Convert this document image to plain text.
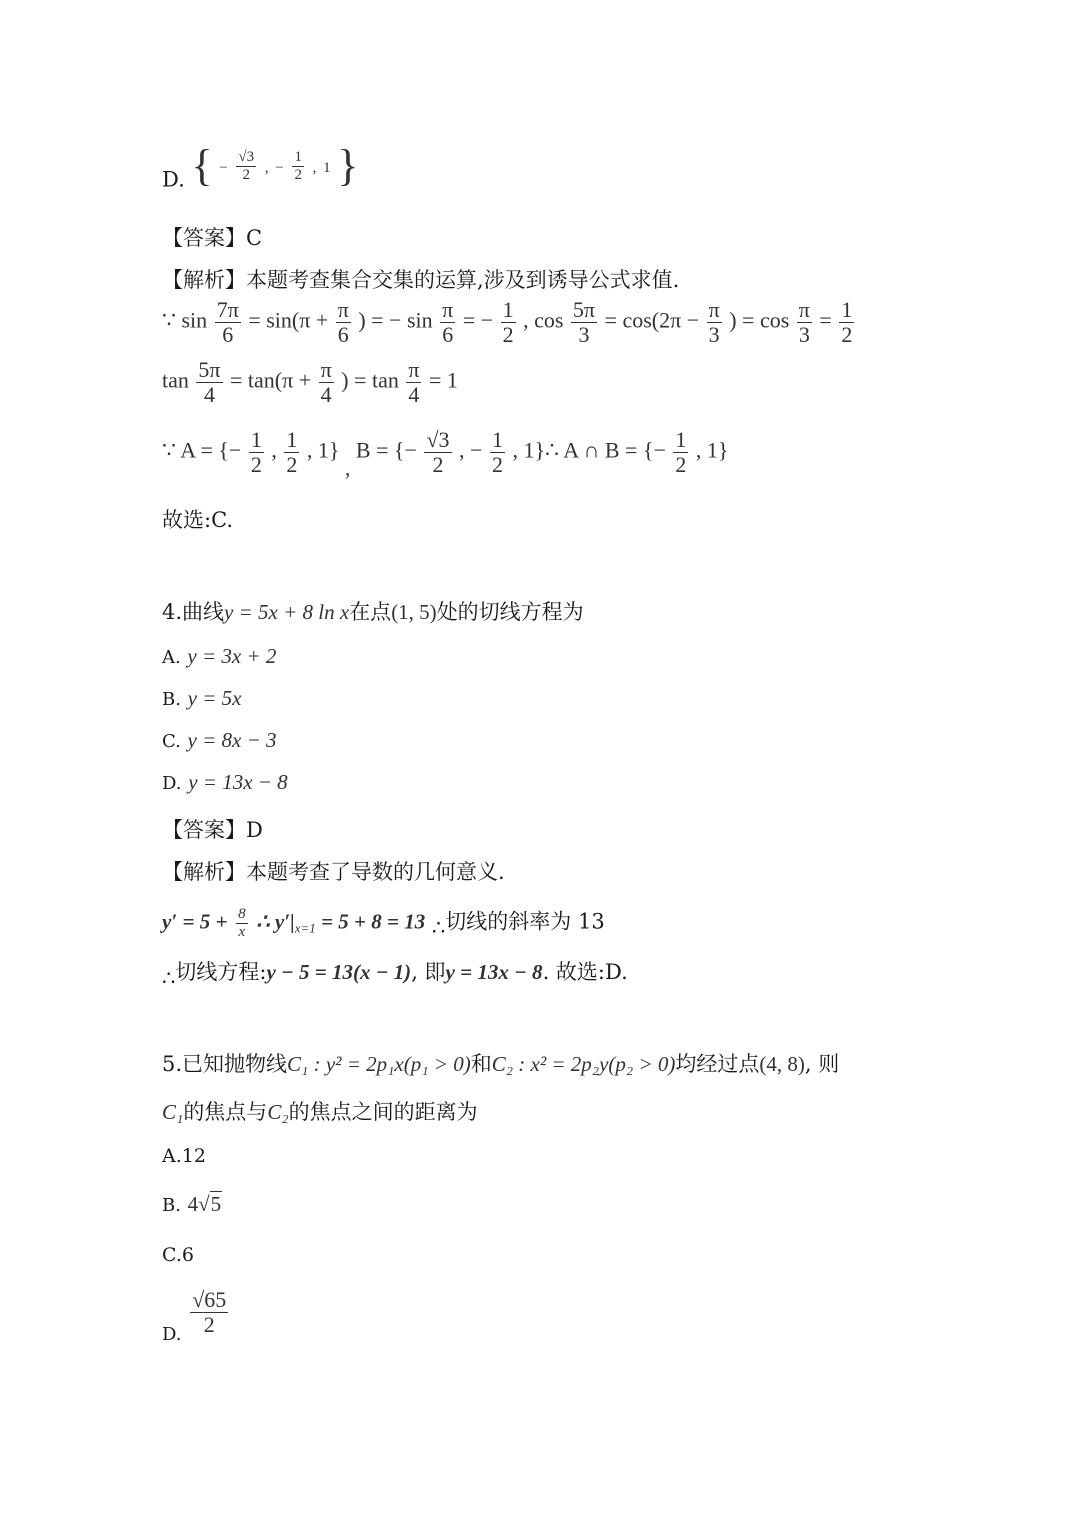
D. { − $\frac{√3}{2}$ , − $\frac{1}{2}$ , 1 }
【答案】C
【解析】本题考查集合交集的运算,涉及到诱导公式求值.
∵ $\sin \frac{7\pi}{6} = \sin(\pi + \frac{\pi}{6}$ ) = − $\sin \frac{\pi}{6}$ = − $\frac{1}{2}$ , $\cos \frac{5\pi}{3} = \cos(2\pi - \frac{\pi}{3}$ ) = $\cos \frac{\pi}{3} = \frac{1}{2}$
$\tan \frac{5\pi}{4} = \tan(\pi + \frac{\pi}{4}$ ) = $\tan \frac{\pi}{4} = 1$
∵ A = {− $\frac{1}{2}$ , $\frac{1}{2}$ , 1} , B = {− $\frac{√3}{2}$ , − $\frac{1}{2}$ , 1}∴ A ∩ B = {− $\frac{1}{2}$ , 1}
故选:C.
4.曲线y = 5x + 8 ln x在点(1, 5)处的切线方程为
A. y = 3x + 2
B. y = 5x
C. y = 8x − 3
D. y = 13x − 8
【答案】D
【解析】本题考查了导数的几何意义.
$y' = 5 + \frac{8}{x}$ ∴ y′|x=1 = 5 + 8 = 13 ∴切线的斜率为 13
∴切线方程:y − 5 = 13(x − 1), 即y = 13x − 8. 故选:D.
5.已知抛物线C₁ : y² = 2p₁x(p₁ > 0)和C₂ : x² = 2p₂y(p₂ > 0)均经过点(4, 8), 则
C₁的焦点与C₂的焦点之间的距离为
A.12
B. 4√5
C.6
D. $\frac{√65}{2}$
